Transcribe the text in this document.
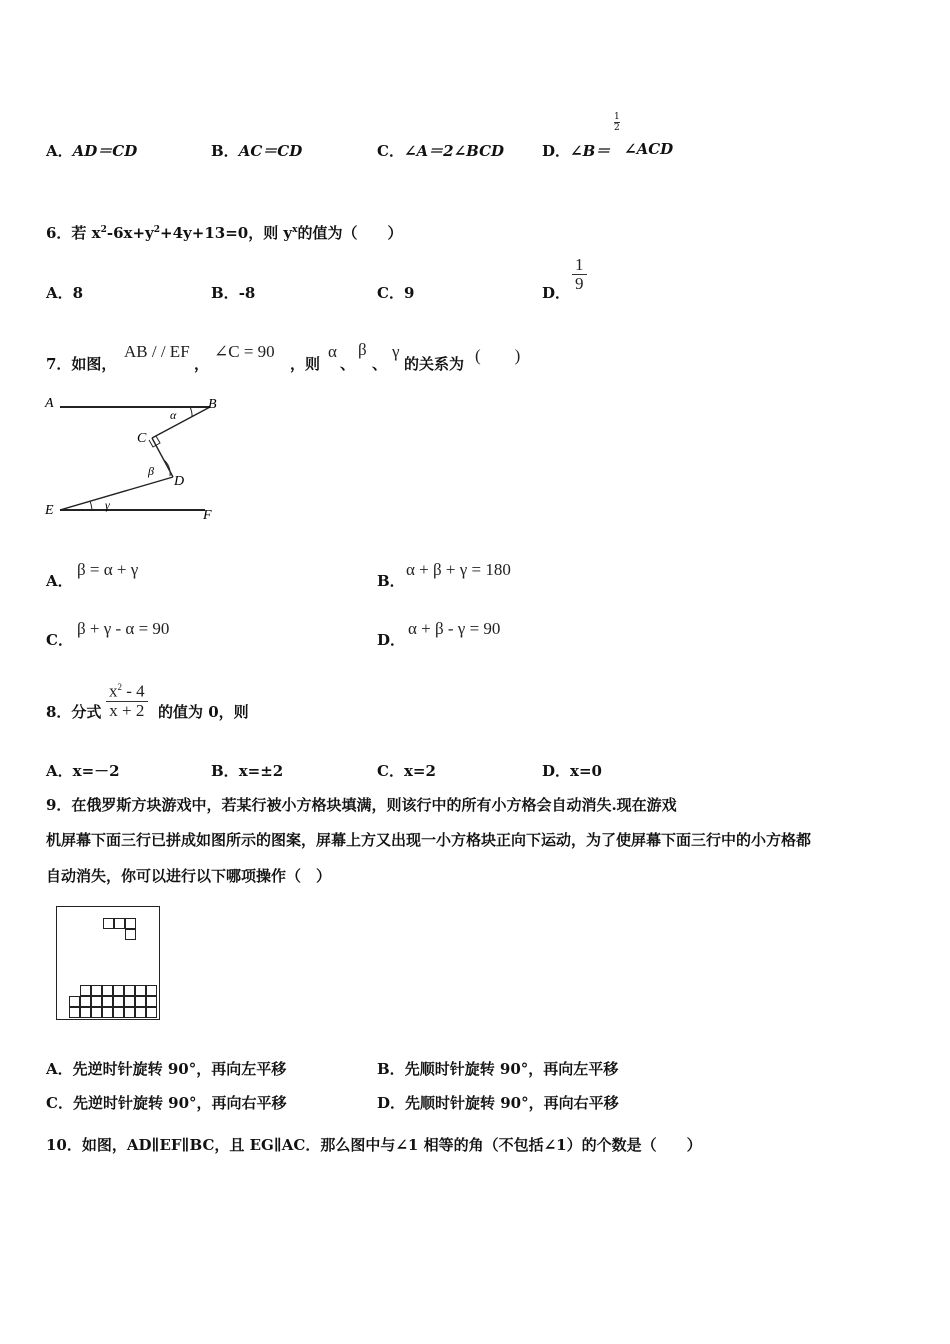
A．AD＝CD	B．AC＝CD	C．∠A＝2∠BCD	D．∠B＝
$\frac{1}{2}$
∠ACD
6．若 $x^2-6x+y^2+4y+13=0$，则 $y^x$的值为（　　）
A．8	B．-8	C．9	D． $\frac{1}{9}$
7．如图，
AB / / EF
，
∠C = 90
，则
α
、
β
、
γ
的关系为 (　　)
A	B
C
D
E	F
α
β
γ
A．
β = α + γ
B．
α + β + γ = 180
C．
β + γ - α = 90
D．
α + β - γ = 90
8．分式 $\frac{x^2 - 4}{x + 2}$ 的值为 0，则
A．x=－2	B．x=±2	C．x=2	D．x=0
9．在俄罗斯方块游戏中，若某行被小方格块填满，则该行中的所有小方格会自动消失.现在游戏
机屏幕下面三行已拼成如图所示的图案，屏幕上方又出现一小方格块正向下运动，为了使屏幕下面三行中的小方格都
自动消失，你可以进行以下哪项操作（　）
A．先逆时针旋转 90°，再向左平移	B．先顺时针旋转 90°，再向左平移
C．先逆时针旋转 90°，再向右平移	D．先顺时针旋转 90°，再向右平移
10．如图，AD∥EF∥BC，且 EG∥AC．那么图中与∠1 相等的角（不包括∠1）的个数是（　　）
